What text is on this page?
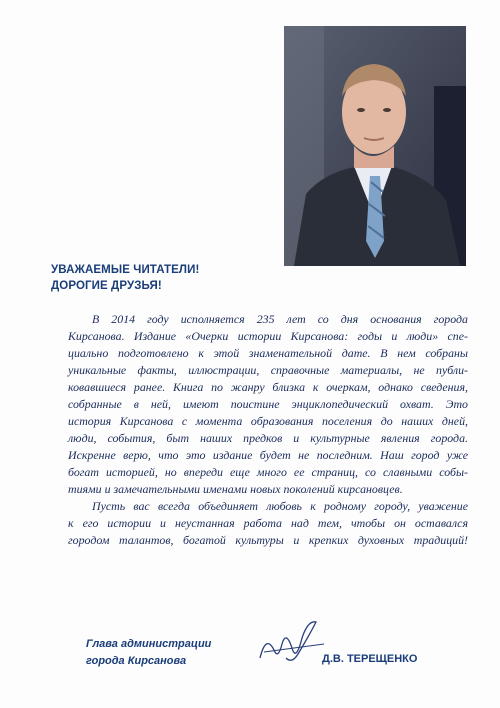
УВАЖАЕМЫЕ ЧИТАТЕЛИ!
ДОРОГИЕ ДРУЗЬЯ!
В 2014 году исполняется 235 лет со дня основания города
Кирсанова. Издание «Очерки истории Кирсанова: годы и люди» спе-
циально подготовлено к этой знаменательной дате. В нем собраны
уникальные факты, иллюстрации, справочные материалы, не публи-
ковавшиеся ранее. Книга по жанру близка к очеркам, однако сведения,
собранные в ней, имеют поистине энциклопедический охват. Это
история Кирсанова с момента образования поселения до наших дней,
люди, события, быт наших предков и культурные явления города.
Искренне верю, что это издание будет не последним. Наш город уже
богат историей, но впереди еще много ее страниц, со славными собы-
тиями и замечательными именами новых поколений кирсановцев.
Пусть вас всегда объединяет любовь к родному городу, уважение
к его истории и неустанная работа над тем, чтобы он оставался
городом талантов, богатой культуры и крепких духовных традиций!
Глава администрации
города Кирсанова	Д.В. ТЕРЕЩЕНКО
